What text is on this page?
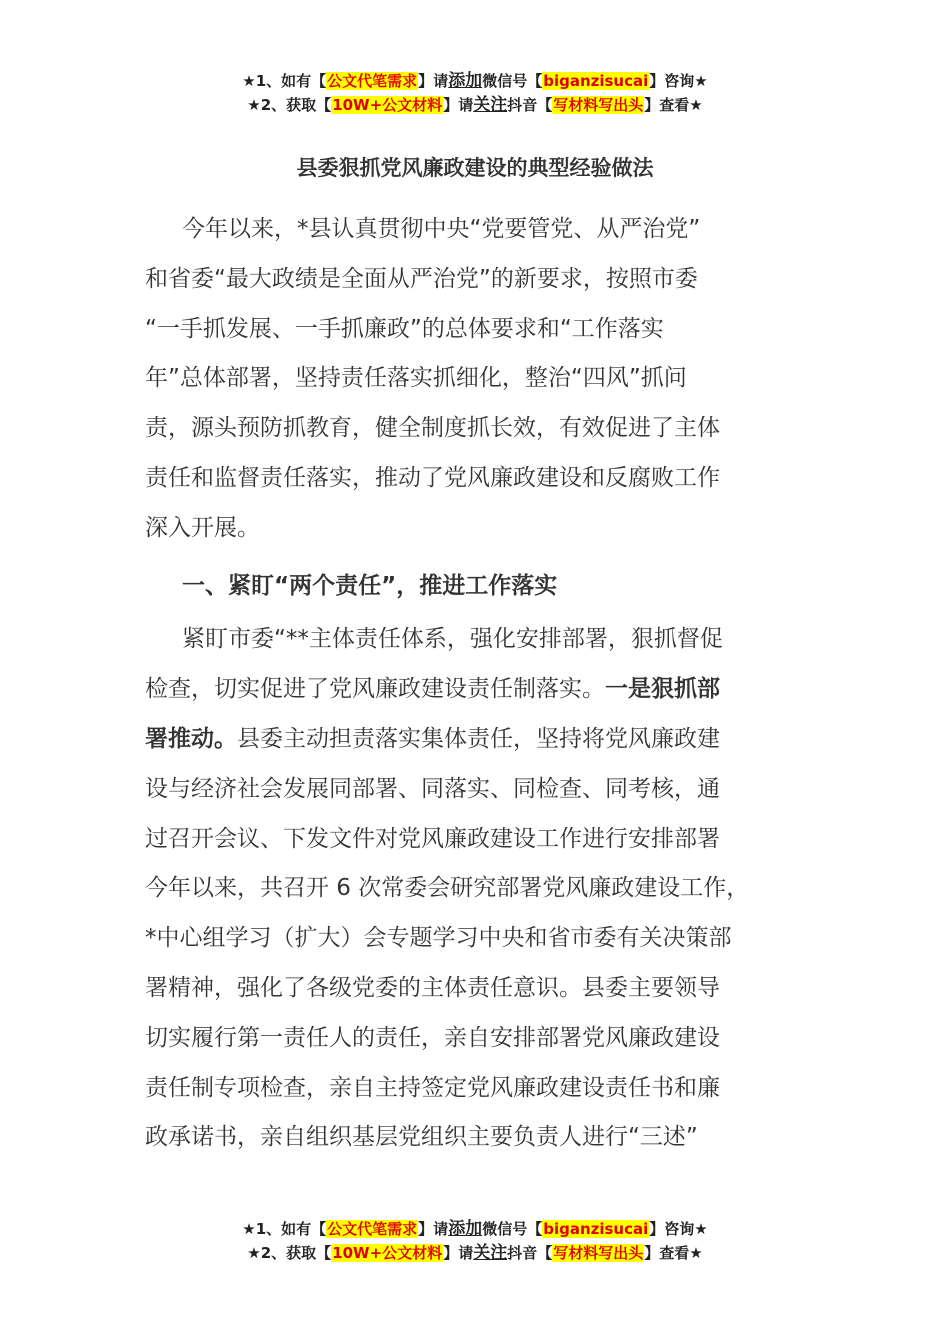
★1、如有【公文代笔需求】请添加微信号【biganzisucai】咨询★
★2、获取【10W+公文材料】请关注抖音【写材料写出头】查看★
县委狠抓党风廉政建设的典型经验做法

今年以来，*县认真贯彻中央“党要管党、从严治党”
和省委“最大政绩是全面从严治党”的新要求，按照市委
“一手抓发展、一手抓廉政”的总体要求和“工作落实
年”总体部署，坚持责任落实抓细化，整治“四风”抓问
责，源头预防抓教育，健全制度抓长效，有效促进了主体
责任和监督责任落实，推动了党风廉政建设和反腐败工作
深入开展。

一、紧盯“两个责任”，推进工作落实

紧盯市委“**主体责任体系，强化安排部署，狠抓督促
检查，切实促进了党风廉政建设责任制落实。一是狠抓部
署推动。县委主动担责落实集体责任，坚持将党风廉政建
设与经济社会发展同部署、同落实、同检查、同考核，通
过召开会议、下发文件对党风廉政建设工作进行安排部署
今年以来，共召开 6 次常委会研究部署党风廉政建设工作，
*中心组学习（扩大）会专题学习中央和省市委有关决策部
署精神，强化了各级党委的主体责任意识。县委主要领导
切实履行第一责任人的责任，亲自安排部署党风廉政建设
责任制专项检查，亲自主持签定党风廉政建设责任书和廉
政承诺书，亲自组织基层党组织主要负责人进行“三述”

★1、如有【公文代笔需求】请添加微信号【biganzisucai】咨询★
★2、获取【10W+公文材料】请关注抖音【写材料写出头】查看★
